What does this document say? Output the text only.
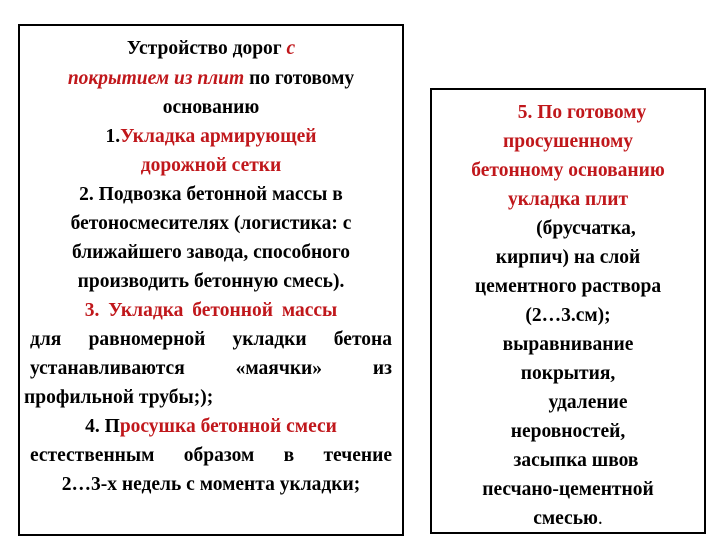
Устройство дорог с
покрытием из плит по готовому
основанию
1.Укладка армирующей
дорожной сетки
2. Подвозка бетонной массы в
бетоносмесителях (логистика: с
ближайшего завода, способного
производить бетонную смесь).
3. Укладка бетонной массы
для равномерной укладки бетона
устанавливаются «маячки» из
профильной трубы;);
4. Просушка бетонной смеси
естественным образом в течение
2…3-х недель с момента укладки;
5. По готовому
просушенному
бетонному основанию
укладка плит
(брусчатка,
кирпич) на слой
цементного раствора
(2…3.см);
выравнивание
покрытия,
удаление
неровностей,
засыпка швов
песчано-цементной
смесью.
